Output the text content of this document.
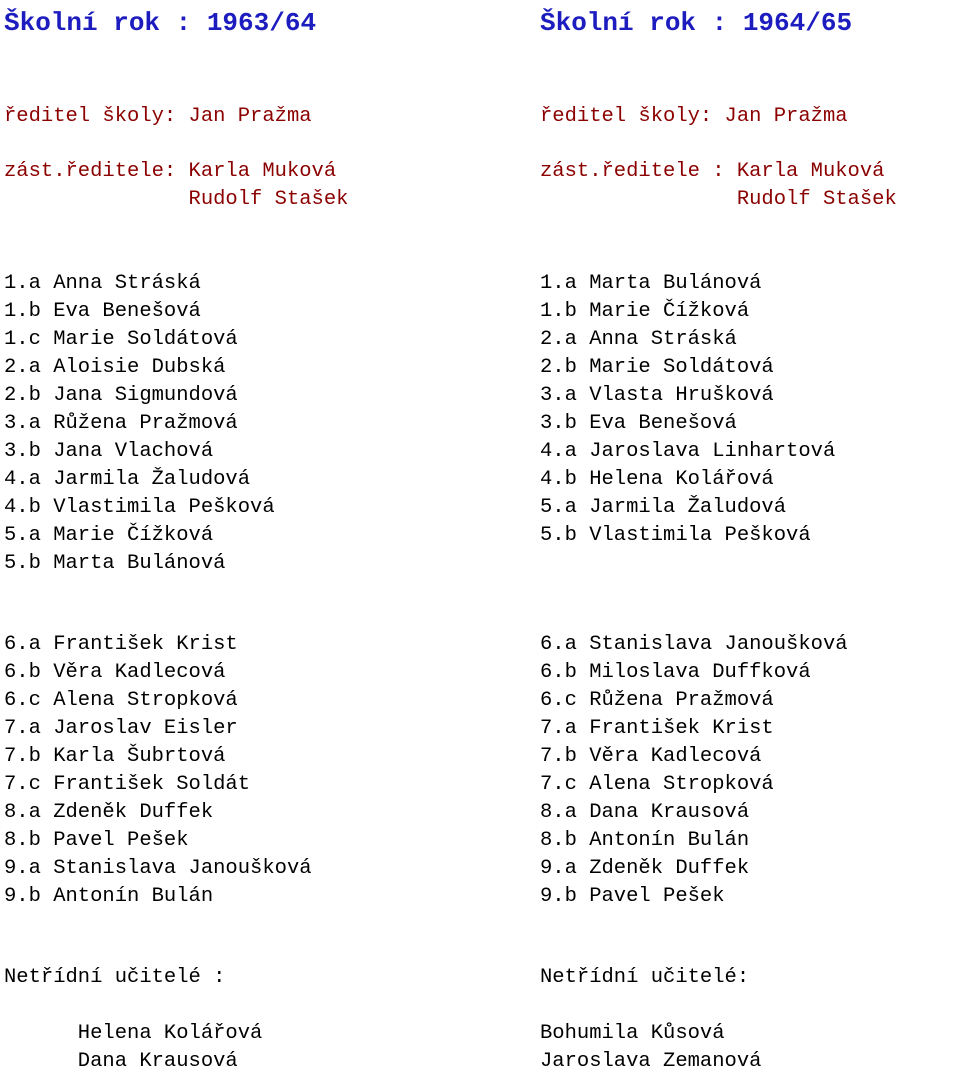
Školní rok : 1963/64
ředitel školy: Jan Pražma
zást.ředitele: Karla Muková
Rudolf Stašek
1.a Anna Stráská
1.b Eva Benešová
1.c Marie Soldátová
2.a Aloisie Dubská
2.b Jana Sigmundová
3.a Růžena Pražmová
3.b Jana Vlachová
4.a Jarmila Žaludová
4.b Vlastimila Pešková
5.a Marie Čížková
5.b Marta Bulánová
6.a František Krist
6.b Věra Kadlecová
6.c Alena Stropková
7.a Jaroslav Eisler
7.b Karla Šubrtová
7.c František Soldát
8.a Zdeněk Duffek
8.b Pavel Pešek
9.a Stanislava Janoušková
9.b Antonín Bulán
Netřídní učitelé :
Helena Kolářová
Dana Krausová
Školní rok : 1964/65
ředitel školy: Jan Pražma
zást.ředitele : Karla Muková
Rudolf Stašek
1.a Marta Bulánová
1.b Marie Čížková
2.a Anna Stráská
2.b Marie Soldátová
3.a Vlasta Hrušková
3.b Eva Benešová
4.a Jaroslava Linhartová
4.b Helena Kolářová
5.a Jarmila Žaludová
5.b Vlastimila Pešková
6.a Stanislava Janoušková
6.b Miloslava Duffková
6.c Růžena Pražmová
7.a František Krist
7.b Věra Kadlecová
7.c Alena Stropková
8.a Dana Krausová
8.b Antonín Bulán
9.a Zdeněk Duffek
9.b Pavel Pešek
Netřídní učitelé:
Bohumila Kůsová
Jaroslava Zemanová
